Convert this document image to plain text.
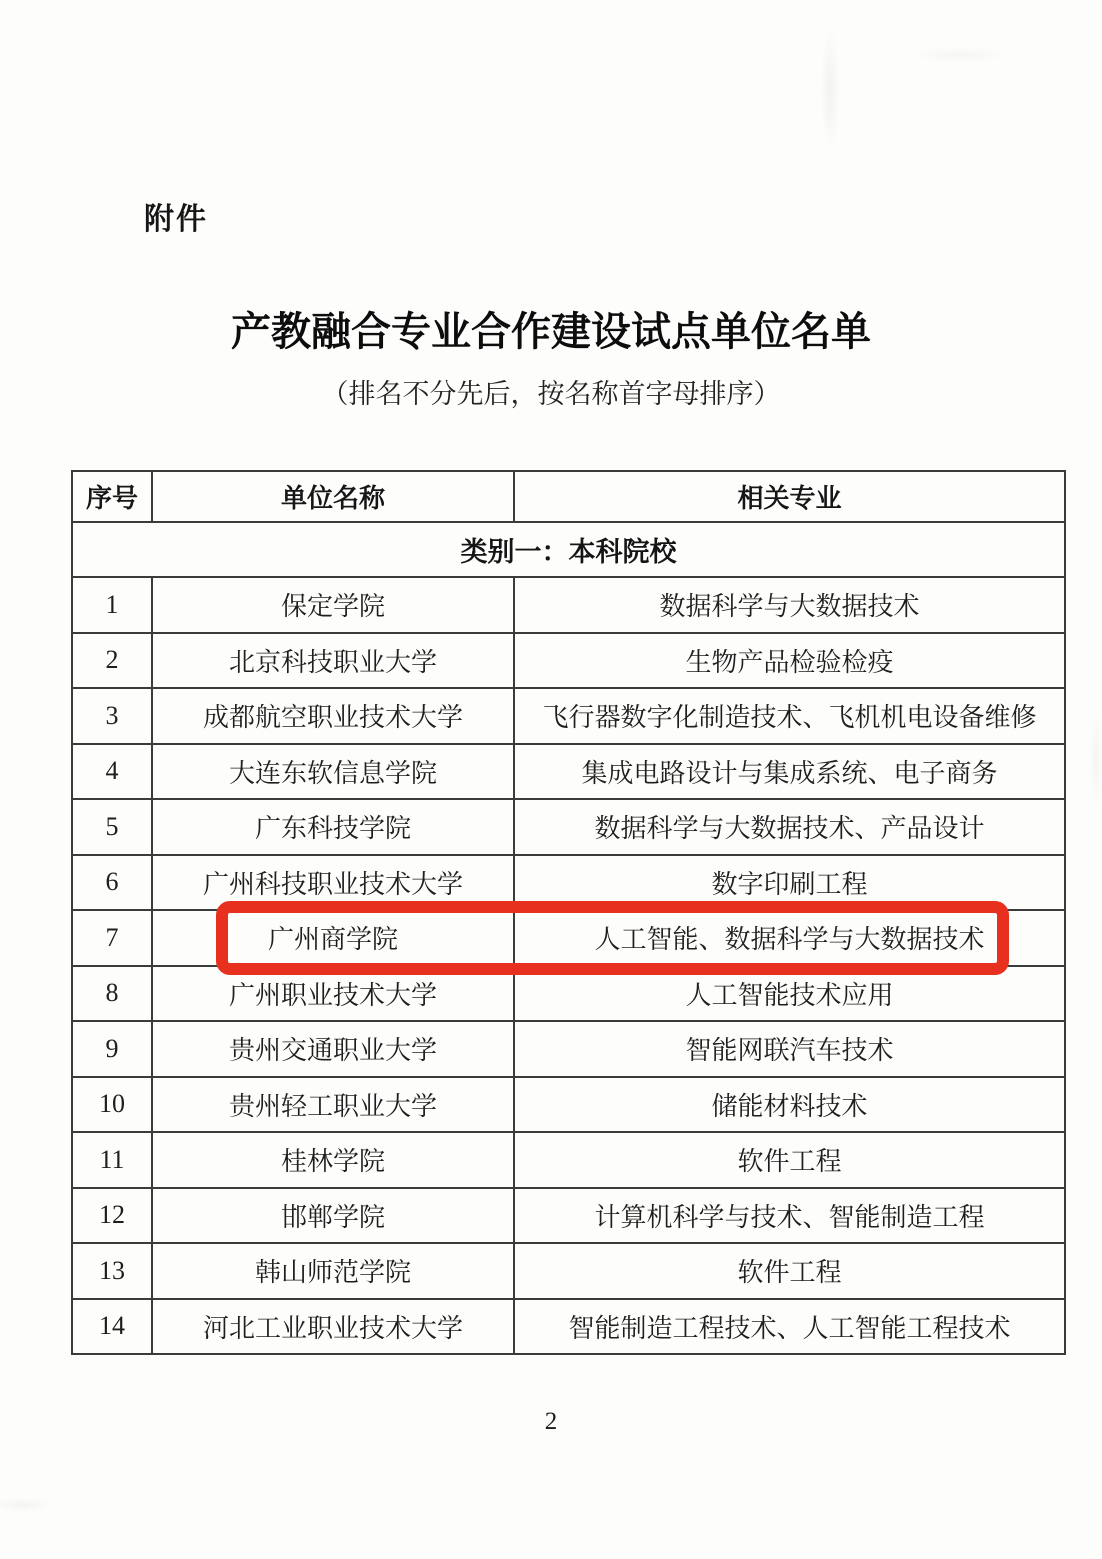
附件
产教融合专业合作建设试点单位名单
（排名不分先后，按名称首字母排序）
序号	单位名称	相关专业
类别一：本科院校		
1	保定学院	数据科学与大数据技术
2	北京科技职业大学	生物产品检验检疫
3	成都航空职业技术大学	飞行器数字化制造技术、飞机机电设备维修
4	大连东软信息学院	集成电路设计与集成系统、电子商务
5	广东科技学院	数据科学与大数据技术、产品设计
6	广州科技职业技术大学	数字印刷工程
7	广州商学院	人工智能、数据科学与大数据技术
8	广州职业技术大学	人工智能技术应用
9	贵州交通职业大学	智能网联汽车技术
10	贵州轻工职业大学	储能材料技术
11	桂林学院	软件工程
12	邯郸学院	计算机科学与技术、智能制造工程
13	韩山师范学院	软件工程
14	河北工业职业技术大学	智能制造工程技术、人工智能工程技术
2
